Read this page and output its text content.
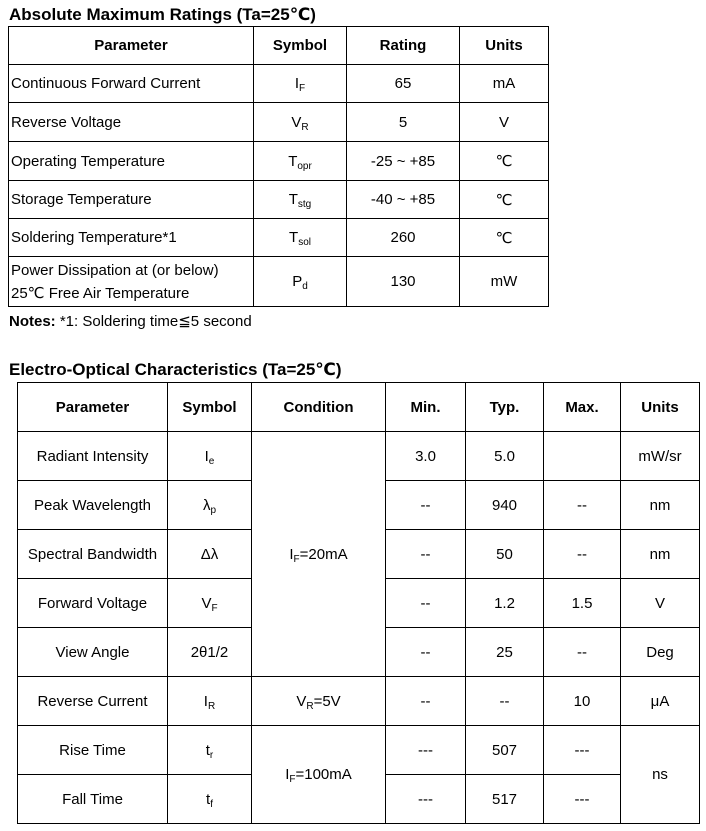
Absolute Maximum Ratings (Ta=25℃)
Parameter	Symbol	Rating	Units
Continuous Forward Current	$I_F$	65	mA
Reverse Voltage	$V_R$	5	V
Operating Temperature	$T_{opr}$	-25 ~ +85	℃
Storage Temperature	$T_{stg}$	-40 ~ +85	℃
Soldering Temperature*1	$T_{sol}$	260	℃

Power Dissipation at (or below)
25℃ Free Air Temperature	$P_d$	130	mW
Notes: *1: Soldering time≦5 second
Electro-Optical Characteristics (Ta=25℃)
Parameter	Symbol	Condition	Min.	Typ.	Max.	Units
Radiant Intensity	$I_e$	$I_F=20mA$	3.0	5.0		mW/sr
Peak Wavelength	$\lambda_p$		--	940	--	nm
Spectral Bandwidth	Δλ		--	50	--	nm
Forward Voltage	$V_F$		--	1.2	1.5	V
View Angle	2θ1/2		--	25	--	Deg
Reverse Current	$I_R$	$V_R=5V$	--	--	10	μA
Rise Time	$t_r$	$I_F=100mA$	---	507	---	ns
Fall Time	$t_f$		---	517	---	
